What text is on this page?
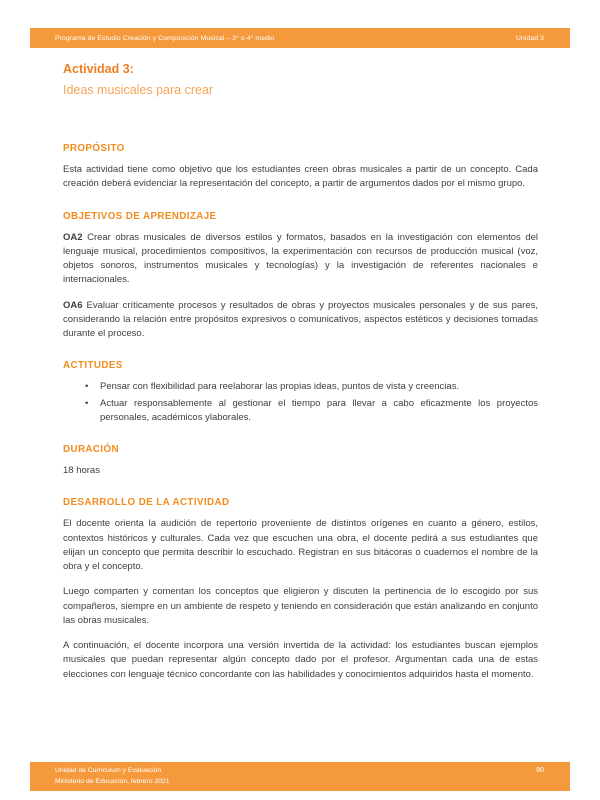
Programa de Estudio Creación y Composición Musical – 3° o 4° medio	Unidad 3
Actividad 3:
Ideas musicales para crear
PROPÓSITO

Esta actividad tiene como objetivo que los estudiantes creen obras musicales a partir de un concepto. Cada creación deberá evidenciar la representación del concepto, a partir de argumentos dados por el mismo grupo.

OBJETIVOS DE APRENDIZAJE

OA2 Crear obras musicales de diversos estilos y formatos, basados en la investigación con elementos del lenguaje musical, procedimientos compositivos, la experimentación con recursos de producción musical (voz, objetos sonoros, instrumentos musicales y tecnologías) y la investigación de referentes nacionales e internacionales.

OA6 Evaluar críticamente procesos y resultados de obras y proyectos musicales personales y de sus pares, considerando la relación entre propósitos expresivos o comunicativos, aspectos estéticos y decisiones tomadas durante el proceso.

ACTITUDES
•	Pensar con flexibilidad para reelaborar las propias ideas, puntos de vista y creencias.
•	Actuar responsablemente al gestionar el tiempo para llevar a cabo eficazmente los proyectos personales, académicos ylaborales.
DURACIÓN

18 horas

DESARROLLO DE LA ACTIVIDAD

El docente orienta la audición de repertorio proveniente de distintos orígenes en cuanto a género, estilos, contextos históricos y culturales. Cada vez que escuchen una obra, el docente pedirá a sus estudiantes que elijan un concepto que permita describir lo escuchado. Registran en sus bitácoras o cuadernos el nombre de la obra y el concepto.

Luego comparten y comentan los conceptos que eligieron y discuten la pertinencia de lo escogido por sus compañeros, siempre en un ambiente de respeto y teniendo en consideración que están analizando en conjunto las obras musicales.

A continuación, el docente incorpora una versión invertida de la actividad: los estudiantes buscan ejemplos musicales que puedan representar algún concepto dado por el profesor. Argumentan cada una de estas elecciones con lenguaje técnico concordante con las habilidades y conocimientos adquiridos hasta el momento.

Unidad de Curriculum y Evaluación
Ministerio de Educación, febrero 2021
80
